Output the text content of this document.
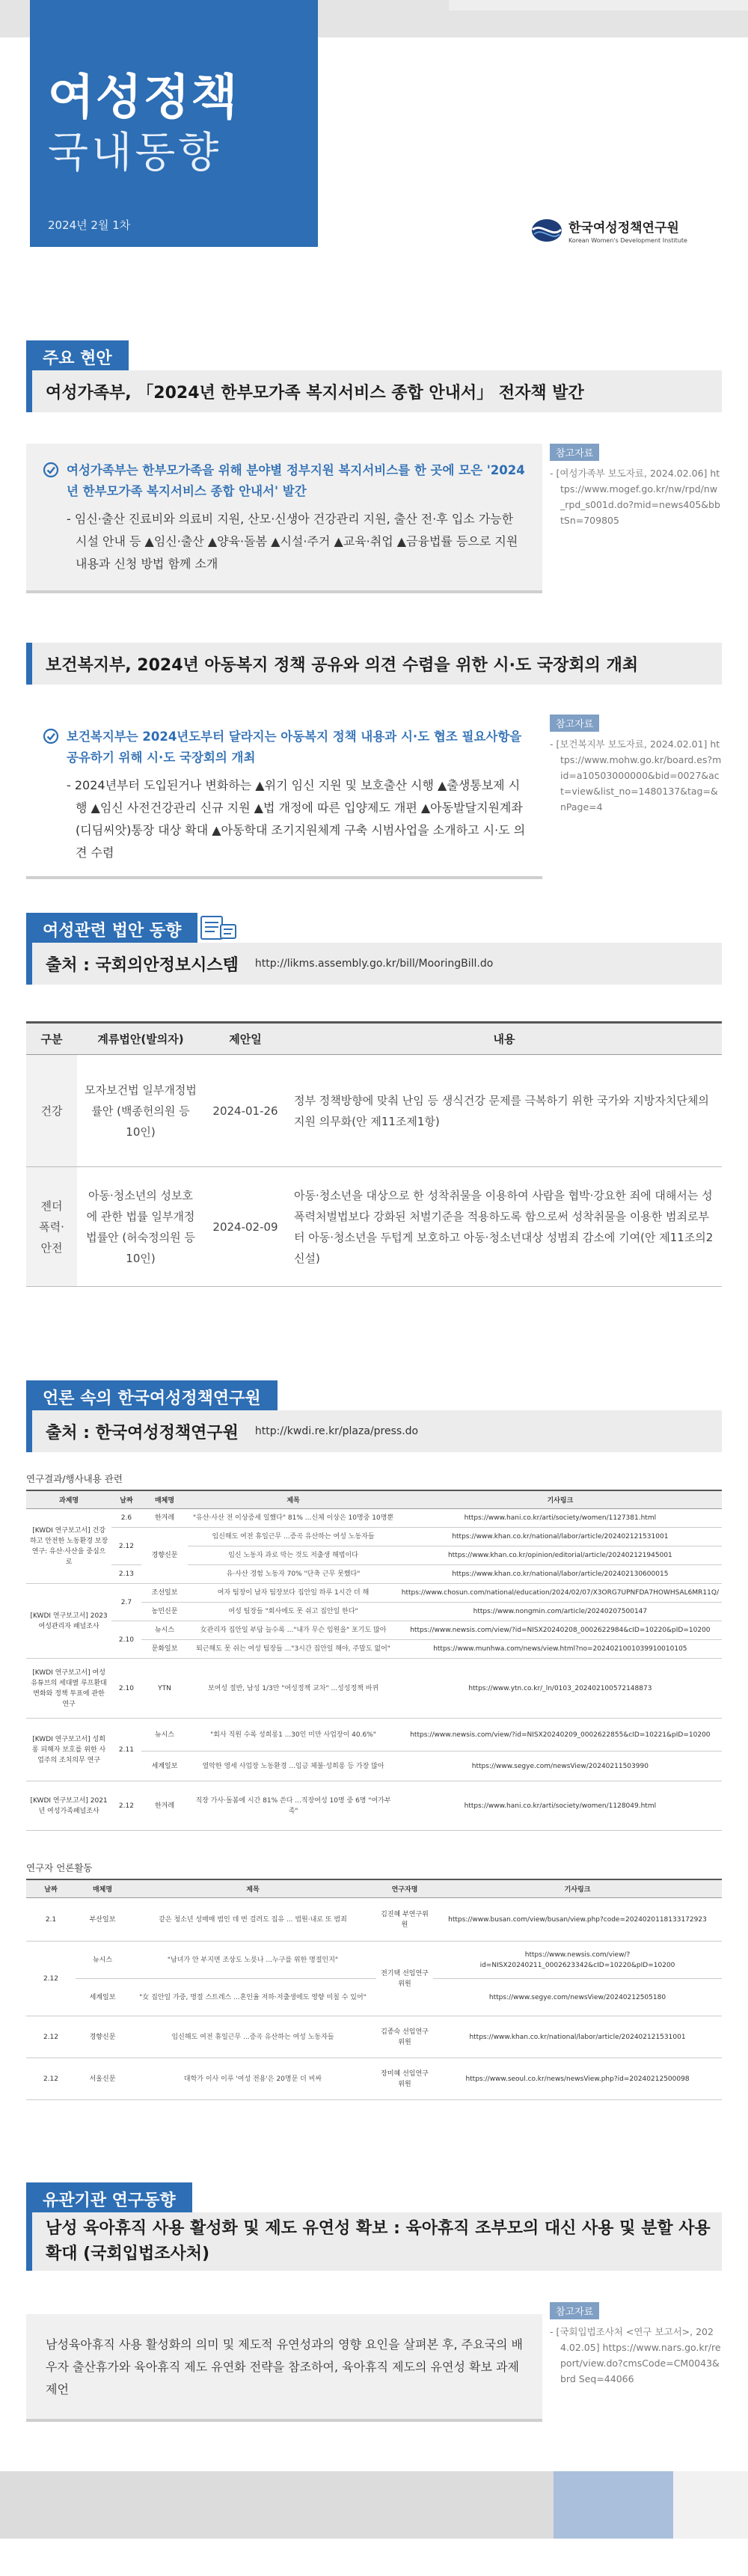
여성정책
국내동향
2024년 2월 1차	한국여성정책연구원
Korean Women's Development Institute
주요 현안
여성가족부, 「2024년 한부모가족 복지서비스 종합 안내서」 전자책 발간
여성가족부는 한부모가족을 위해 분야별 정부지원 복지서비스를 한 곳에 모은 '2024년 한부모가족 복지서비스 종합 안내서' 발간
- 임신·출산 진료비와 의료비 지원, 산모·신생아 건강관리 지원, 출산 전·후 입소 가능한 시설 안내 등 ▲임신·출산 ▲양육·돌봄 ▲시설·주거 ▲교육·취업 ▲금융법률 등으로 지원 내용과 신청 방법 함께 소개
참고자료
- [여성가족부 보도자료, 2024.02.06] https://www.mogef.go.kr/nw/rpd/nw_rpd_s001d.do?mid=news405&bbtSn=709805
보건복지부, 2024년 아동복지 정책 공유와 의견 수렴을 위한 시·도 국장회의 개최
보건복지부는 2024년도부터 달라지는 아동복지 정책 내용과 시·도 협조 필요사항을 공유하기 위해 시·도 국장회의 개최
- 2024년부터 도입된거나 변화하는 ▲위기 임신 지원 및 보호출산 시행 ▲출생통보제 시행 ▲임신 사전건강관리 신규 지원 ▲법 개정에 따른 입양제도 개편 ▲아동발달지원계좌(디딤씨앗)통장 대상 확대 ▲아동학대 조기지원체계 구축 시범사업을 소개하고 시·도 의견 수렴
참고자료
- [보건복지부 보도자료, 2024.02.01] https://www.mohw.go.kr/board.es?mid=a10503000000&bid=0027&act=view&list_no=1480137&tag=&nPage=4
여성관련 법안 동향
출처 : 국회의안정보시스템 http://likms.assembly.go.kr/bill/MooringBill.do
구분	계류법안(발의자)	제안일	내용
건강	모자보건법 일부개정법률안 (백종헌의원 등 10인)	2024-01-26	정부 정책방향에 맞춰 난임 등 생식건강 문제를 극복하기 위한 국가와 지방자치단체의 지원 의무화(안 제11조제1항)
젠더 폭력· 안전	아동·청소년의 성보호에 관한 법률 일부개정법률안 (허숙정의원 등 10인)	2024-02-09	아동·청소년을 대상으로 한 성착취물을 이용하여 사람을 협박·강요한 죄에 대해서는 성폭력처벌법보다 강화된 처벌기준을 적용하도록 함으로써 성착취물을 이용한 범죄로부터 아동·청소년을 두텁게 보호하고 아동·청소년대상 성범죄 감소에 기여(안 제11조의2 신설)
언론 속의 한국여성정책연구원
출처 : 한국여성정책연구원 http://kwdi.re.kr/plaza/press.do
연구결과/행사내용 관련
과제명	날짜	매체명	제목	기사링크
[KWDI 연구보고서] 건강하고 안전한 노동환경 보장 연구: 유산·사산을 중심으로	2.6	한겨레	"유산·사산 전 이상증세 일했다" 81% ...신체 이상은 10명중 10명뿐	https://www.hani.co.kr/arti/society/women/1127381.html
	2.12	경향신문	임신해도 여전 휴일근무 ...증곡 유산하는 여성 노동자들	https://www.khan.co.kr/national/labor/article/202402121531001
			임신 노동자 과로 막는 것도 저출생 해법이다	https://www.khan.co.kr/opinion/editorial/article/202402121945001
	2.13		유·사산 경험 노동자 70% "단축 근무 못했다"	https://www.khan.co.kr/national/labor/article/202402130600015
[KWDI 연구보고서] 2023 여성관리자 패널조사	2.7	조선일보	여자 팀장이 남자 팀장보다 집안일 하루 1시간 더 해	https://www.chosun.com/national/education/2024/02/07/X3ORG7UPNFDA7HOWHSAL6MR11Q/
		농민신문	여성 팀장들 "회사에도 못 쉬고 집안일 한다"	https://www.nongmin.com/article/20240207500147
	2.10	뉴시스	女관리자 집안일 부담 늘수록 ..."내가 무슨 임원을" 포기도 많아	https://www.newsis.com/view/?id=NISX20240208_0002622984&cID=10220&pID=10200
		문화일보	퇴근해도 못 쉬는 여성 팀장들 ..."3시간 집안일 해야, 주말도 없어"	https://www.munhwa.com/news/view.html?no=2024021001039910010105
[KWDI 연구보고서] 여성 유튜브의 세대별 루프환대 변화와 정책 투표에 관한 연구	2.10	YTN	보여성 절반, 남성 1/3만 "여성정책 교차" ...성성정책 바뀌	https://www.ytn.co.kr/_ln/0103_202402100572148873
[KWDI 연구보고서] 성희롱 피해자 보호를 위한 사업주의 조치의무 연구	2.11	뉴시스	"회사 직원 수록 성희롱1 ...30인 미만 사업장이 40.6%"	https://www.newsis.com/view/?id=NISX20240209_0002622855&cID=10221&pID=10200
		세계일보	열악한 영세 사업장 노동환경 ...임금 체불·성희롱 등 가장 많아	https://www.segye.com/newsView/20240211503990
[KWDI 연구보고서] 2021년 여성가족패널조사	2.12	한겨레	직장 가사·돌봄에 시간 81% 쓴다 ...직장여성 10명 중 6명 "여가부족"	https://www.hani.co.kr/arti/society/women/1128049.html
연구자 언론활동
날짜	매체명	제목	연구자명	기사링크
2.1	부산일보	같은 청소년 성매매 범인 데 번 걸려도 집유 ... 법원·내로 또 범죄	김진혜 부연구위원	https://www.busan.com/view/busan/view.php?code=2024020118133172923
2.12	뉴시스	"남녀가 안 부지면 조상도 노릇나 ...누구를 위한 명절인지"	전기택 선임연구위원	https://www.newsis.com/view/?id=NISX20240211_0002623342&cID=10220&pID=10200
	세계일보	"女 집안일 가중, 명절 스트레스 ...혼인율 저하·저출생에도 영향 미칠 수 있어"		https://www.segye.com/newsView/20240212505180
2.12	경향신문	임신해도 여전 휴일근무 ...증곡 유산하는 여성 노동자들	김종숙 선임연구위원	https://www.khan.co.kr/national/labor/article/202402121531001
2.12	서울신문	대학가 이사 이루 '여성 전용'은 20명문 더 비싸	장미혜 선임연구위원	https://www.seoul.co.kr/news/newsView.php?id=20240212500098
유관기관 연구동향
남성 육아휴직 사용 활성화 및 제도 유연성 확보 : 육아휴직 조부모의 대신 사용 및 분할 사용 확대 (국회입법조사처)
남성육아휴직 사용 활성화의 의미 및 제도적 유연성과의 영향 요인을 살펴본 후, 주요국의 배우자 출산휴가와 육아휴직 제도 유연화 전략을 참조하여, 육아휴직 제도의 유연성 확보 과제 제언
참고자료
- [국회입법조사처 <연구 보고서>, 2024.02.05] https://www.nars.go.kr/report/view.do?cmsCode=CM0043&brd Seq=44066
